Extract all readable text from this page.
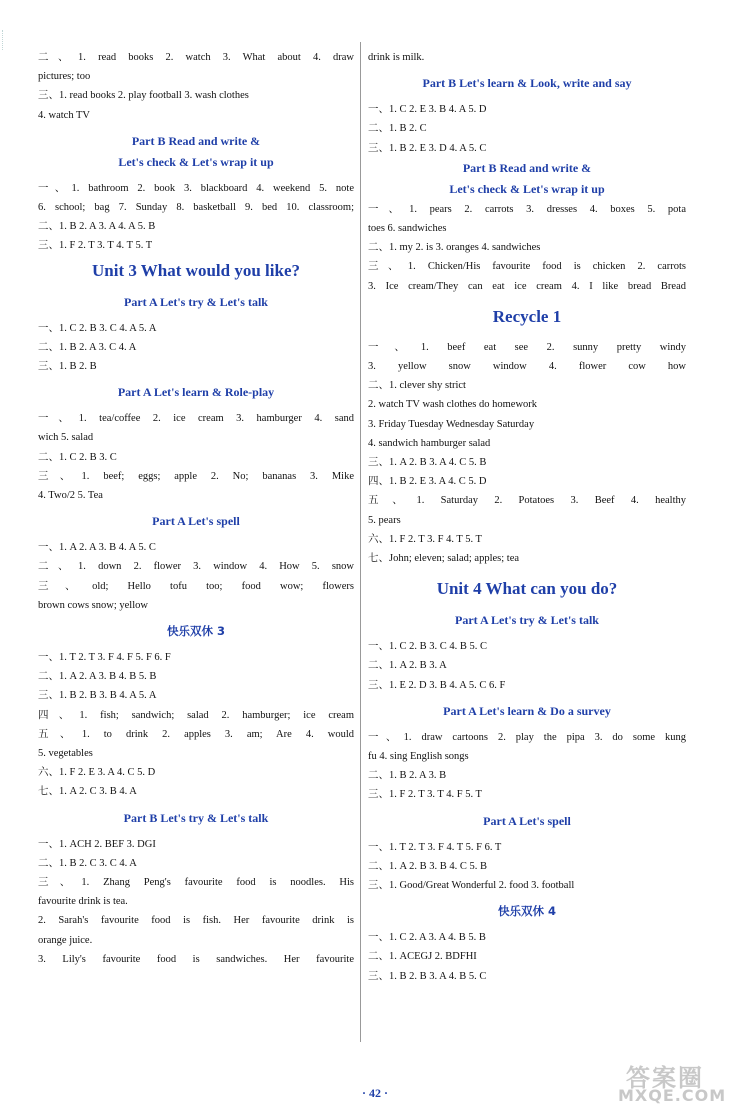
二、1. read books 2. watch 3. What about 4. draw
pictures; too
三、1. read books 2. play football 3. wash clothes
4. watch TV
Part B Read and write &
Let's check & Let's wrap it up
一、1. bathroom 2. book 3. blackboard 4. weekend 5. note
6. school; bag 7. Sunday 8. basketball 9. bed 10. classroom;
二、1. B 2. A 3. A 4. A 5. B
三、1. F 2. T 3. T 4. T 5. T
Unit 3 What would you like?
Part A Let's try & Let's talk
一、1. C 2. B 3. C 4. A 5. A
二、1. B 2. A 3. C 4. A
三、1. B 2. B
Part A Let's learn & Role-play
一、1. tea/coffee 2. ice cream 3. hamburger 4. sand
wich 5. salad
二、1. C 2. B 3. C
三、1. beef; eggs; apple 2. No; bananas 3. Mike
4. Two/2 5. Tea
Part A Let's spell
一、1. A 2. A 3. B 4. A 5. C
二、1. down 2. flower 3. window 4. How 5. snow
三、old; Hello tofu too; food wow; flowers
brown cows snow; yellow
快乐双休 3
一、1. T 2. T 3. F 4. F 5. F 6. F
二、1. A 2. A 3. B 4. B 5. B
三、1. B 2. B 3. B 4. A 5. A
四、1. fish; sandwich; salad 2. hamburger; ice cream
五、1. to drink 2. apples 3. am; Are 4. would
5. vegetables
六、1. F 2. E 3. A 4. C 5. D
七、1. A 2. C 3. B 4. A
Part B Let's try & Let's talk
一、1. ACH 2. BEF 3. DGI
二、1. B 2. C 3. C 4. A
三、1. Zhang Peng's favourite food is noodles. His
favourite drink is tea.
2. Sarah's favourite food is fish. Her favourite drink is
orange juice.
3. Lily's favourite food is sandwiches. Her favourite
drink is milk.
Part B Let's learn & Look, write and say
一、1. C 2. E 3. B 4. A 5. D
二、1. B 2. C
三、1. B 2. E 3. D 4. A 5. C
Part B Read and write &
Let's check & Let's wrap it up
一、1. pears 2. carrots 3. dresses 4. boxes 5. pota
toes 6. sandwiches
二、1. my 2. is 3. oranges 4. sandwiches
三、1. Chicken/His favourite food is chicken 2. carrots
3. Ice cream/They can eat ice cream 4. I like bread Bread
Recycle 1
一、1. beef eat see 2. sunny pretty windy
3. yellow snow window 4. flower cow how
二、1. clever shy strict
2. watch TV wash clothes do homework
3. Friday Tuesday Wednesday Saturday
4. sandwich hamburger salad
三、1. A 2. B 3. A 4. C 5. B
四、1. B 2. E 3. A 4. C 5. D
五、1. Saturday 2. Potatoes 3. Beef 4. healthy
5. pears
六、1. F 2. T 3. F 4. T 5. T
七、John; eleven; salad; apples; tea
Unit 4 What can you do?
Part A Let's try & Let's talk
一、1. C 2. B 3. C 4. B 5. C
二、1. A 2. B 3. A
三、1. E 2. D 3. B 4. A 5. C 6. F
Part A Let's learn & Do a survey
一、1. draw cartoons 2. play the pipa 3. do some kung
fu 4. sing English songs
二、1. B 2. A 3. B
三、1. F 2. T 3. T 4. F 5. T
Part A Let's spell
一、1. T 2. T 3. F 4. T 5. F 6. T
二、1. A 2. B 3. B 4. C 5. B
三、1. Good/Great Wonderful 2. food 3. football
快乐双休 4
一、1. C 2. A 3. A 4. B 5. B
二、1. ACEGJ 2. BDFHI
三、1. B 2. B 3. A 4. B 5. C
· 42 ·
答案圈
MXQE.COM
